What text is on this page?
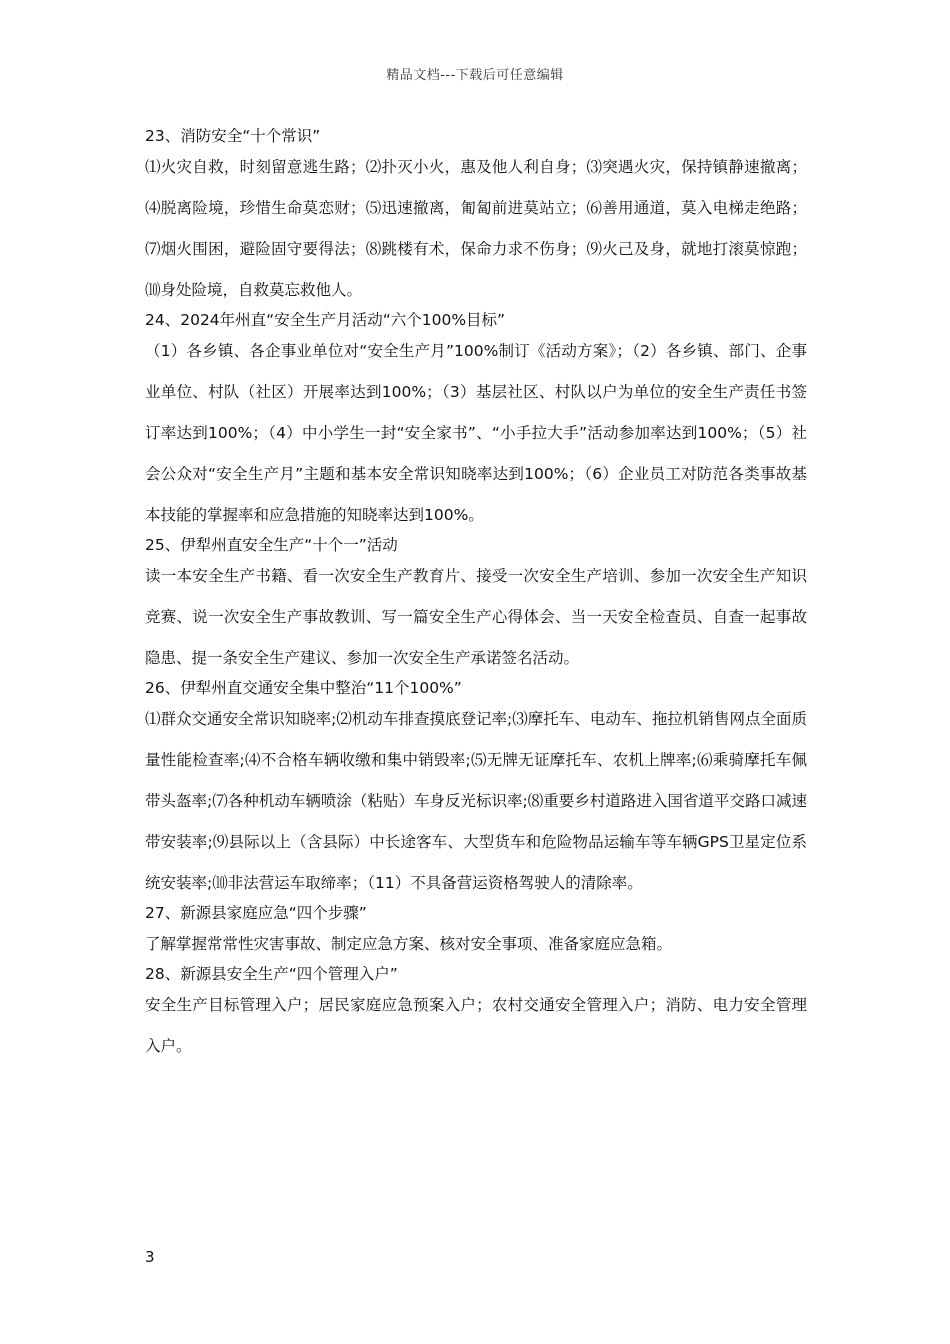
精品文档---下载后可任意编辑
23、消防安全“十个常识”
⑴火灾自救，时刻留意逃生路；⑵扑灭小火，惠及他人利自身；⑶突遇火灾，保持镇静速撤离；⑷脱离险境，珍惜生命莫恋财；⑸迅速撤离，匍匐前进莫站立；⑹善用通道，莫入电梯走绝路；⑺烟火围困，避险固守要得法；⑻跳楼有术，保命力求不伤身；⑼火己及身，就地打滚莫惊跑；⑽身处险境，自救莫忘救他人。
24、2024年州直“安全生产月活动“六个100%目标”
（1）各乡镇、各企事业单位对“安全生产月”100%制订《活动方案》；（2）各乡镇、部门、企事业单位、村队（社区）开展率达到100%；（3）基层社区、村队以户为单位的安全生产责任书签订率达到100%；（4）中小学生一封“安全家书”、“小手拉大手”活动参加率达到100%；（5）社会公众对“安全生产月”主题和基本安全常识知晓率达到100%；（6）企业员工对防范各类事故基本技能的掌握率和应急措施的知晓率达到100%。
25、伊犁州直安全生产“十个一”活动
读一本安全生产书籍、看一次安全生产教育片、接受一次安全生产培训、参加一次安全生产知识竞赛、说一次安全生产事故教训、写一篇安全生产心得体会、当一天安全检查员、自查一起事故隐患、提一条安全生产建议、参加一次安全生产承诺签名活动。
26、伊犁州直交通安全集中整治“11个100%”
⑴群众交通安全常识知晓率;⑵机动车排查摸底登记率;⑶摩托车、电动车、拖拉机销售网点全面质量性能检查率;⑷不合格车辆收缴和集中销毁率;⑸无牌无证摩托车、农机上牌率;⑹乘骑摩托车佩带头盔率;⑺各种机动车辆喷涂（粘贴）车身反光标识率;⑻重要乡村道路进入国省道平交路口减速带安装率;⑼县际以上（含县际）中长途客车、大型货车和危险物品运输车等车辆GPS卫星定位系统安装率;⑽非法营运车取缔率；（11）不具备营运资格驾驶人的清除率。
27、新源县家庭应急“四个步骤”
了解掌握常常性灾害事故、制定应急方案、核对安全事项、准备家庭应急箱。
28、新源县安全生产“四个管理入户”
安全生产目标管理入户；居民家庭应急预案入户；农村交通安全管理入户；消防、电力安全管理入户。
3
